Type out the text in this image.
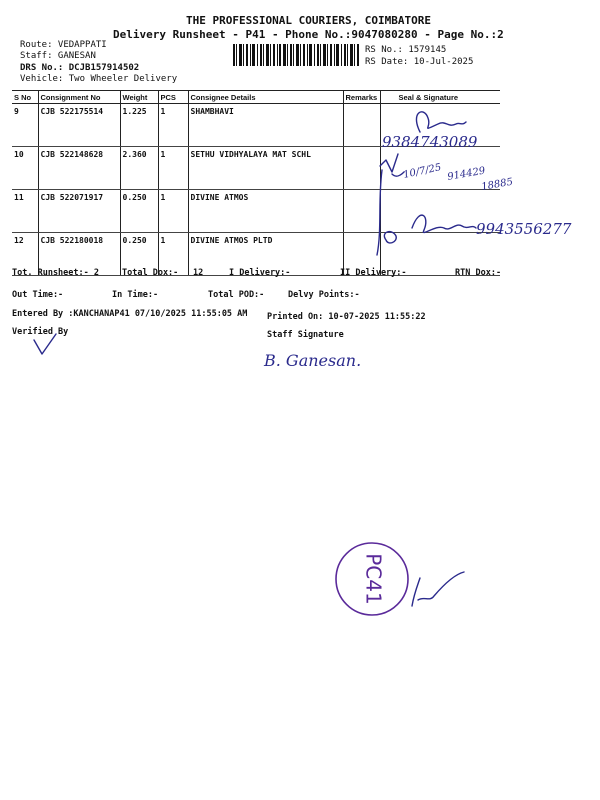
THE PROFESSIONAL COURIERS, COIMBATORE
Delivery Runsheet - P41 - Phone No.:9047080280 - Page No.:2
Route: VEDAPPATI
Staff: GANESAN
DRS No.: DCJB157914502
Vehicle: Two Wheeler Delivery
RS No.: 1579145
RS Date: 10-Jul-2025
S No	Consignment No	Weight	PCS	Consignee Details	Remarks	Seal & Signature
9	CJB 522175514	1.225	1	SHAMBHAVI		
10	CJB 522148628	2.360	1	SETHU VIDHYALAYA MAT SCHL		
11	CJB 522071917	0.250	1	DIVINE ATMOS		
12	CJB 522180018	0.250	1	DIVINE ATMOS PLTD		
Tot. Runsheet:- 2	Total Dox:- 12	I Delivery:-	II Delivery:-	RTN Dox:-
Out Time:-	In Time:-	Total POD:-	Delvy Points:-
Entered By :KANCHANAP41 07/10/2025 11:55:05 AM Printed On: 10-07-2025 11:55:22
Verified By	Staff Signature
9384743089
10/7/25 914429
18885
9943556277
B. Ganesan.
PC41
